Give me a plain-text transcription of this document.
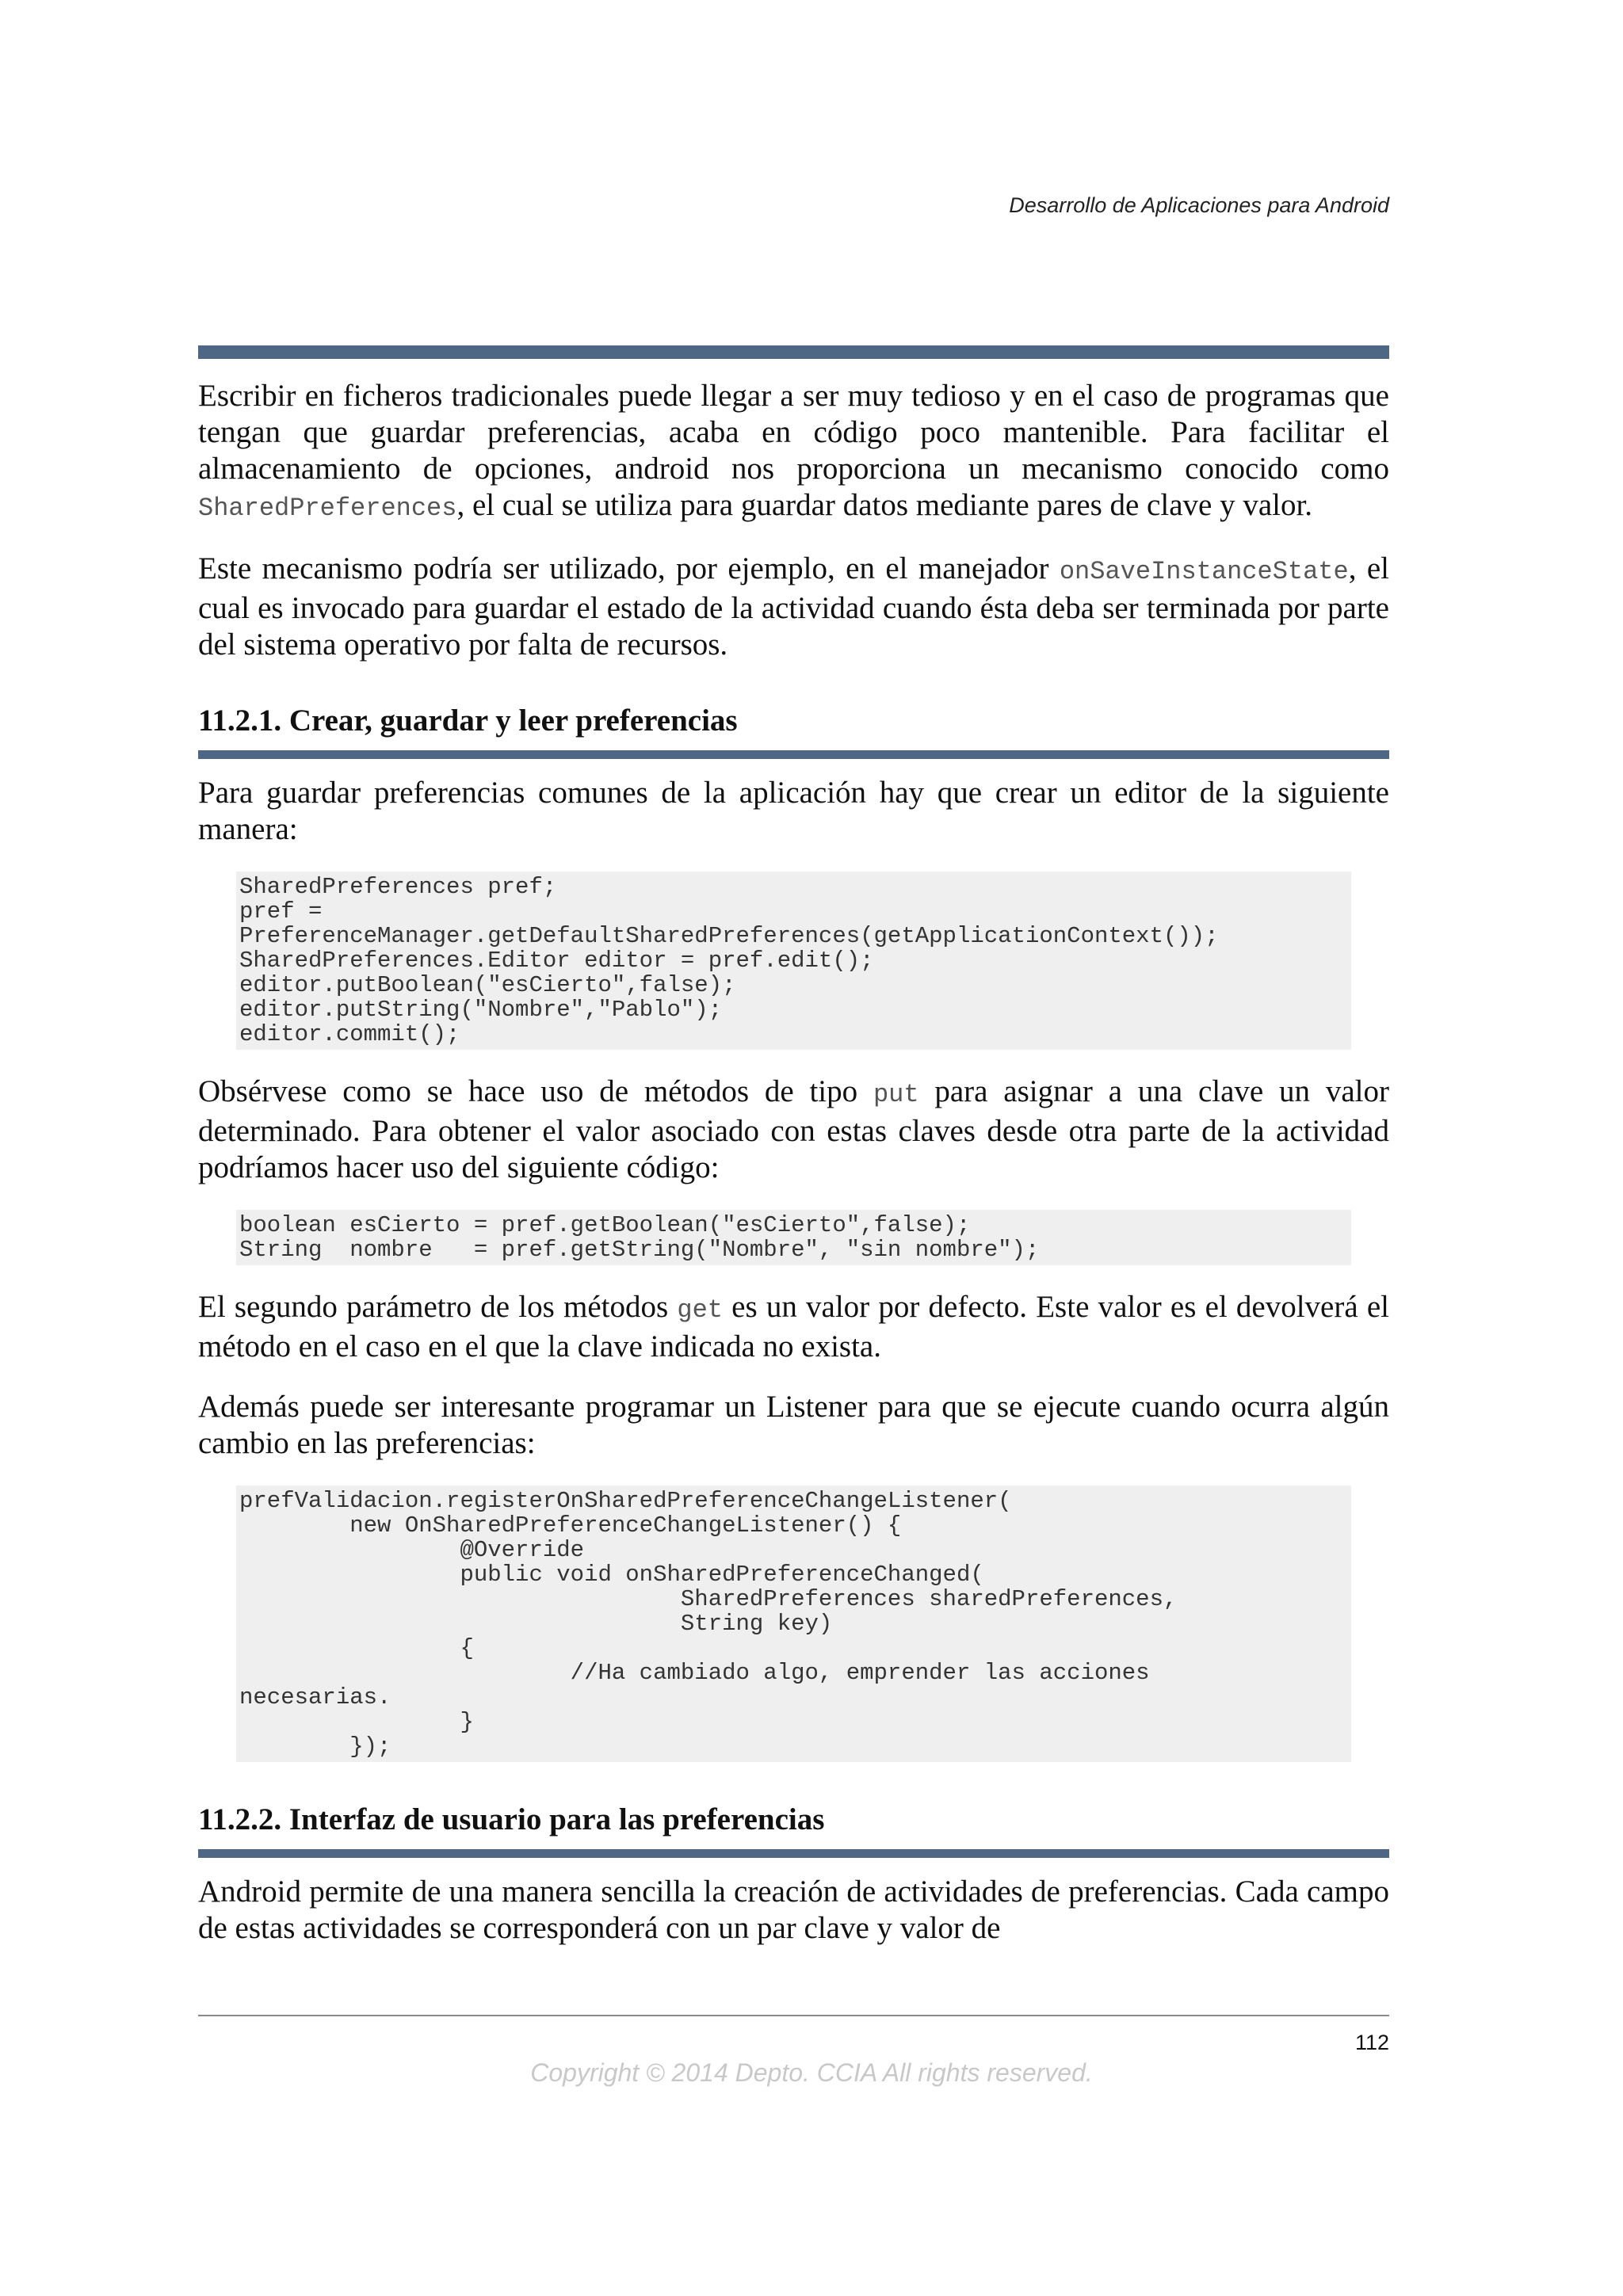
Desarrollo de Aplicaciones para Android

Escribir en ficheros tradicionales puede llegar a ser muy tedioso y en el caso de programas que tengan que guardar preferencias, acaba en código poco mantenible. Para facilitar el almacenamiento de opciones, android nos proporciona un mecanismo conocido como SharedPreferences, el cual se utiliza para guardar datos mediante pares de clave y valor.

Este mecanismo podría ser utilizado, por ejemplo, en el manejador onSaveInstanceState, el cual es invocado para guardar el estado de la actividad cuando ésta deba ser terminada por parte del sistema operativo por falta de recursos.

11.2.1. Crear, guardar y leer preferencias

Para guardar preferencias comunes de la aplicación hay que crear un editor de la siguiente manera:

SharedPreferences pref;
pref =
PreferenceManager.getDefaultSharedPreferences(getApplicationContext());
SharedPreferences.Editor editor = pref.edit();
editor.putBoolean("esCierto",false);
editor.putString("Nombre","Pablo");
editor.commit();

Obsérvese como se hace uso de métodos de tipo put para asignar a una clave un valor determinado. Para obtener el valor asociado con estas claves desde otra parte de la actividad podríamos hacer uso del siguiente código:

boolean esCierto = pref.getBoolean("esCierto",false);
String  nombre   = pref.getString("Nombre", "sin nombre");

El segundo parámetro de los métodos get es un valor por defecto. Este valor es el devolverá el método en el caso en el que la clave indicada no exista.

Además puede ser interesante programar un Listener para que se ejecute cuando ocurra algún cambio en las preferencias:

prefValidacion.registerOnSharedPreferenceChangeListener(
new OnSharedPreferenceChangeListener() {
@Override
public void onSharedPreferenceChanged(
SharedPreferences sharedPreferences,
String key)
{
//Ha cambiado algo, emprender las acciones
necesarias.
}
});
11.2.2. Interfaz de usuario para las preferencias

Android permite de una manera sencilla la creación de actividades de preferencias. Cada campo de estas actividades se corresponderá con un par clave y valor de

112
Copyright © 2014 Depto. CCIA All rights reserved.
